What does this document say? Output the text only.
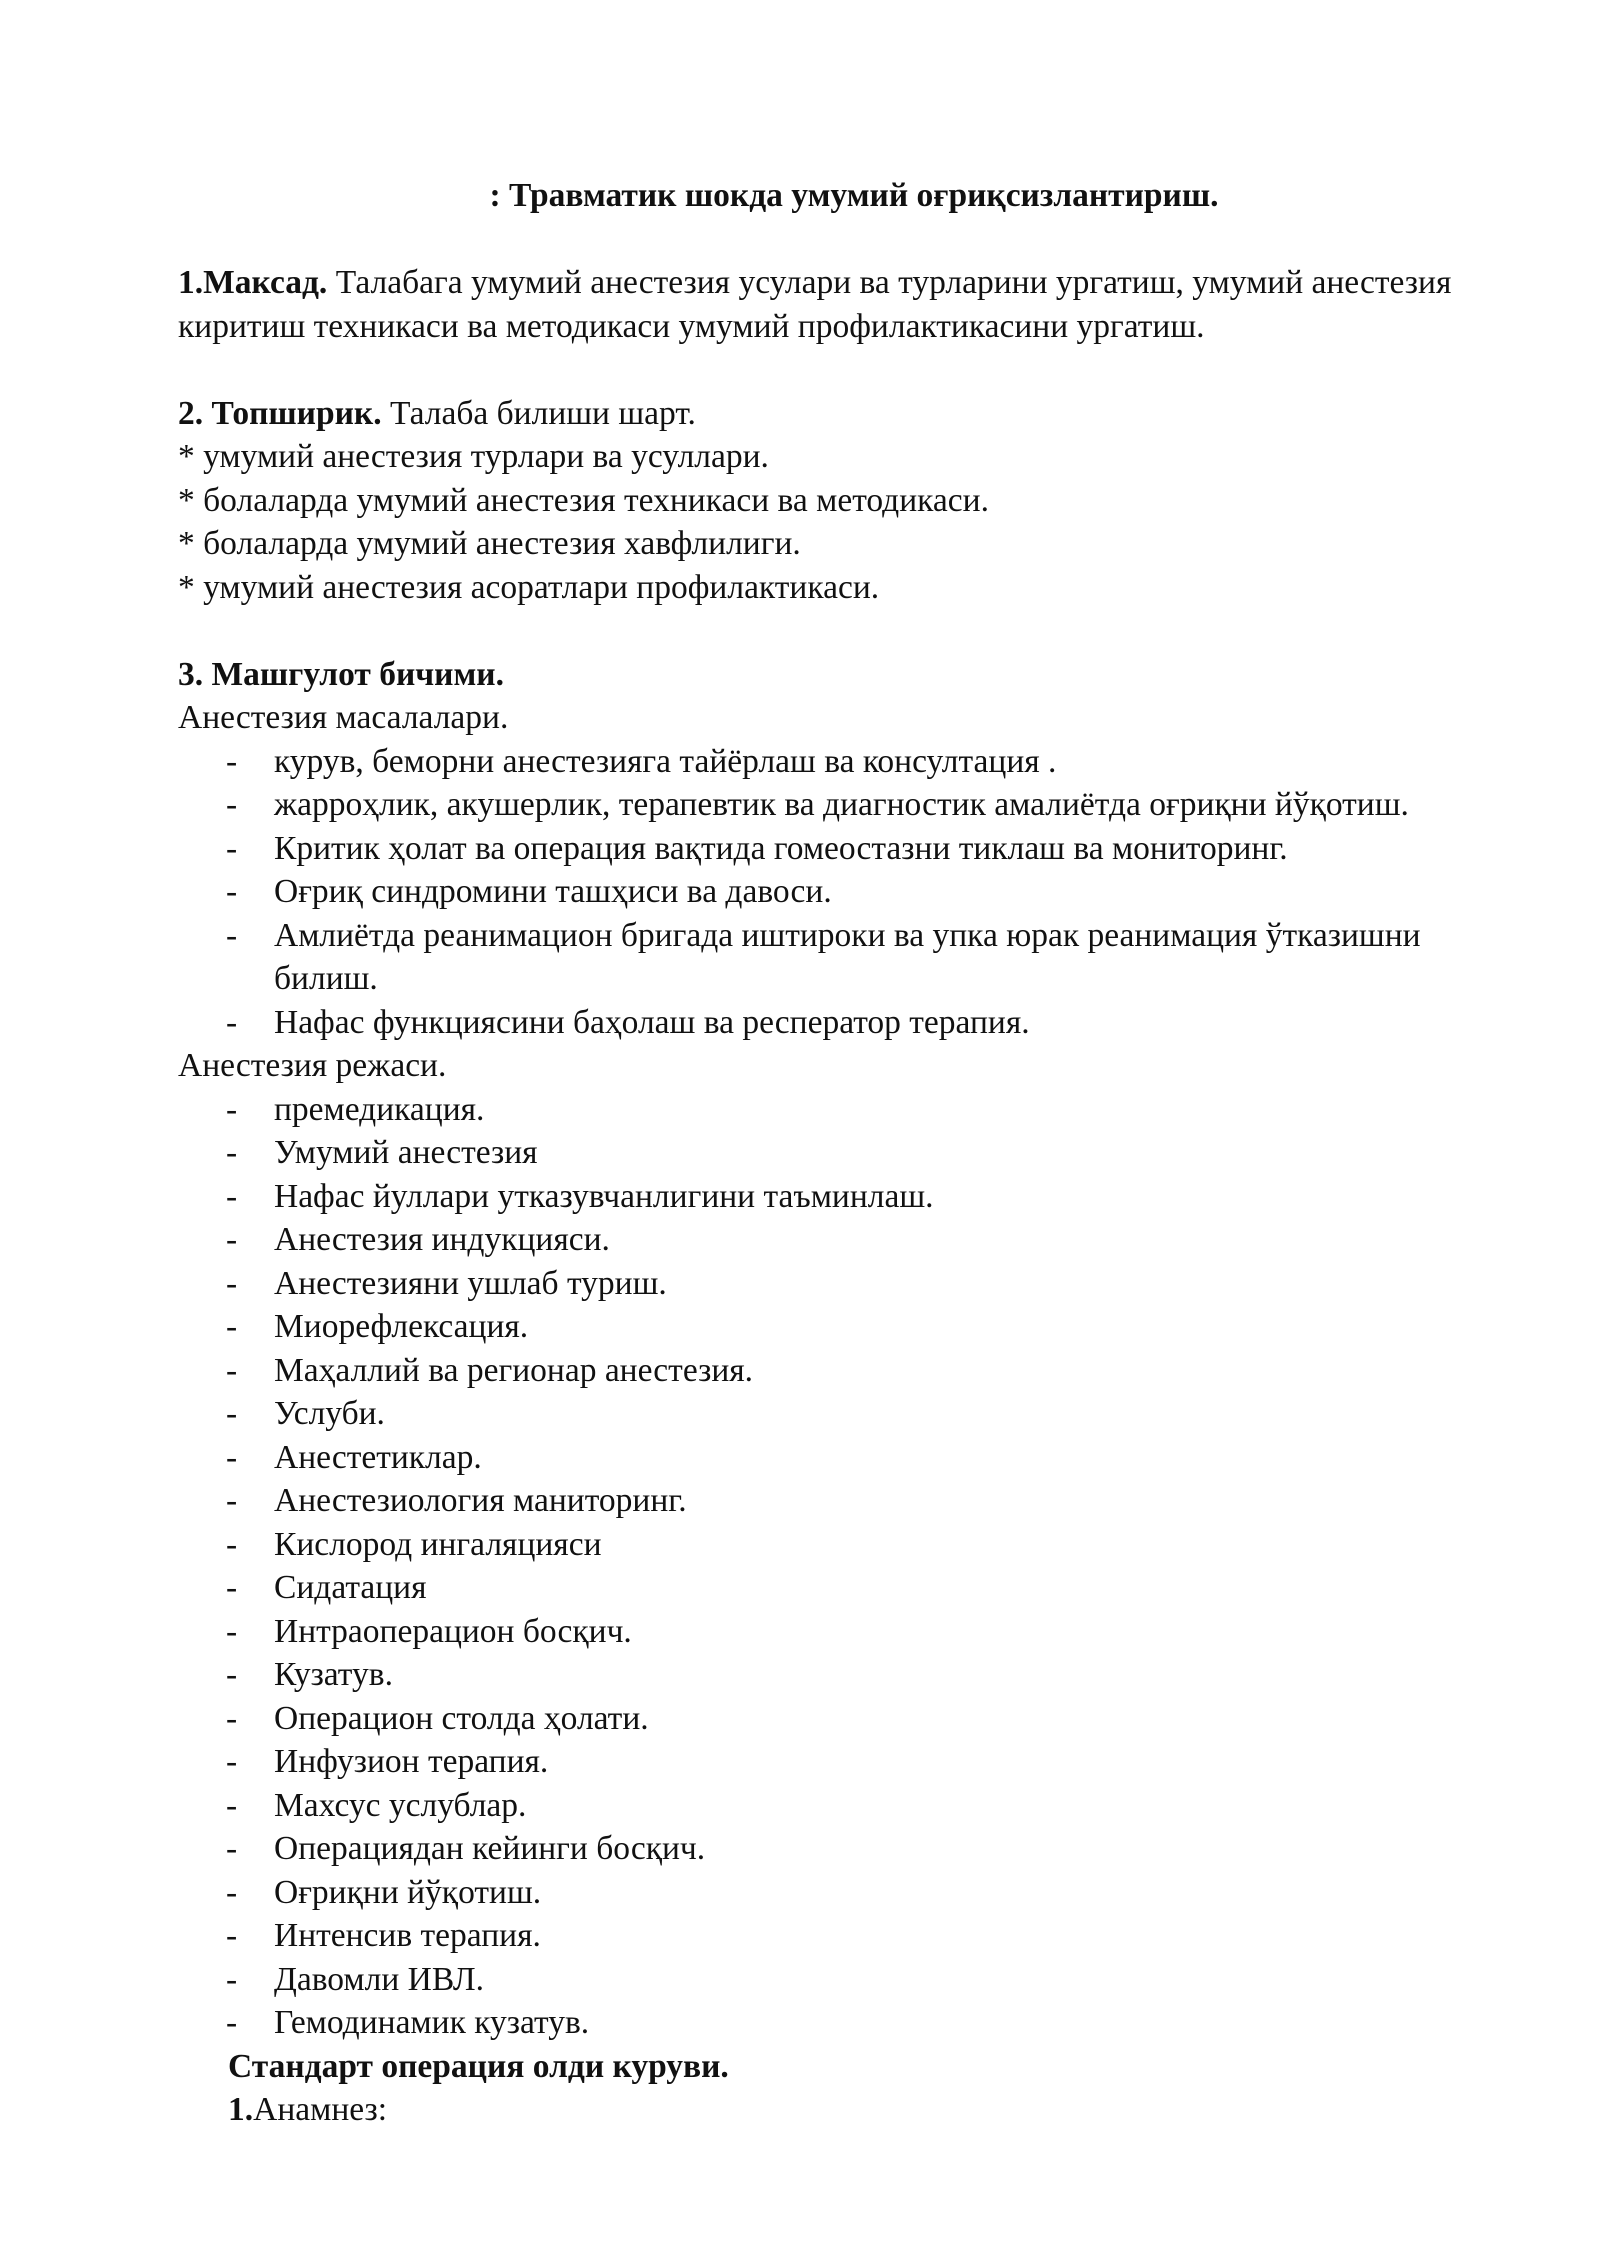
: Травматик шокда умумий оғриқсизлантириш.

1.Максад. Талабага умумий анестезия усулари ва турларини ургатиш, умумий анестезия киритиш техникаси ва методикаси умумий профилактикасини ургатиш.

2. Топширик. Талаба билиши шарт.

* умумий анестезия турлари ва усуллари.

* болаларда умумий анестезия техникаси ва методикаси.

* болаларда умумий анестезия хавфлилиги.

* умумий анестезия асоратлари профилактикаси.

3. Машгулот бичими.

Анестезия масалалари.

- курув, беморни анестезияга тайёрлаш ва консултация .
- жарроҳлик, акушерлик, терапевтик ва диагностик амалиётда оғриқни йўқотиш.
- Критик ҳолат ва операция вақтида гомеостазни тиклаш ва мониторинг.
- Оғриқ синдромини ташҳиси ва давоси.
- Амлиётда реанимацион бригада иштироки ва упка юрак реанимация ўтказишни билиш.
- Нафас функциясини баҳолаш ва респератор терапия.

Анестезия режаси.

- премедикация.
- Умумий анестезия
- Нафас йуллари утказувчанлигини таъминлаш.
- Анестезия индукцияси.
- Анестезияни ушлаб туриш.
- Миорефлексация.
- Маҳаллий ва регионар анестезия.
- Услуби.
- Анестетиклар.
- Анестезиология маниторинг.
- Кислород ингаляцияси
- Сидатация
- Интраоперацион босқич.
- Кузатув.
- Операцион столда ҳолати.
- Инфузион терапия.
- Махсус услублар.
- Операциядан кейинги босқич.
- Оғриқни йўқотиш.
- Интенсив терапия.
- Давомли ИВЛ.
- Гемодинамик кузатув.

Стандарт операция олди куруви.

1.Анамнез:
